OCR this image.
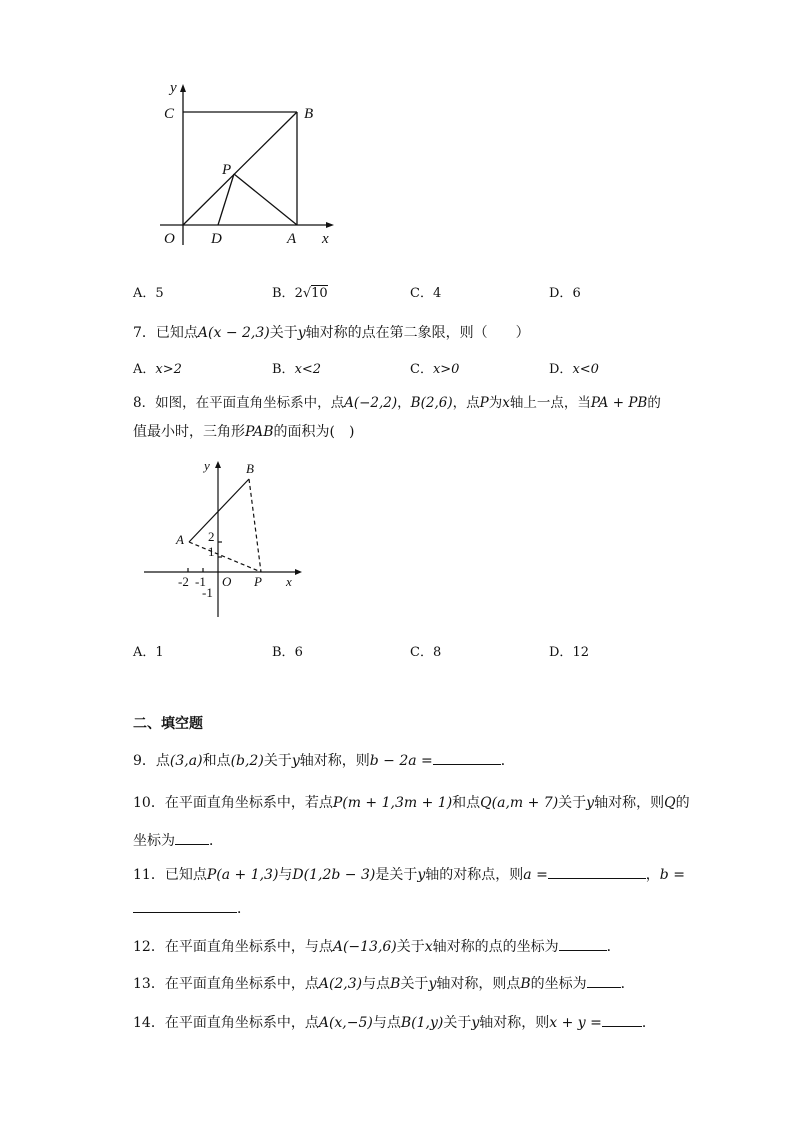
y
C	B
P
O D	A x
A．5	B．2√10	C．4	D．6
7．已知点A(x − 2,3)关于y轴对称的点在第二象限，则（　　）
A．x>2	B．x<2	C．x>0	D．x<0
8．如图，在平面直角坐标系中，点A(−2,2)，B(2,6)，点P为x轴上一点，当PA + PB的
值最小时，三角形PAB的面积为(　)
y	B
A 2
1
-2 -1 O P x
-1
A．1	B．6	C．8	D．12
二、填空题
9．点(3,a)和点(b,2)关于y轴对称，则b − 2a =	．
10．在平面直角坐标系中，若点P(m + 1,3m + 1)和点Q(a,m + 7)关于y轴对称，则Q的
坐标为 ．
11．已知点P(a + 1,3)与D(1,2b − 3)是关于y轴的对称点，则a =	，b =
．
12．在平面直角坐标系中，与点A(−13,6)关于x轴对称的点的坐标为	．
13．在平面直角坐标系中，点A(2,3)与点B关于y轴对称，则点B的坐标为 ．
14．在平面直角坐标系中，点A(x,−5)与点B(1,y)关于y轴对称，则x + y =	．
